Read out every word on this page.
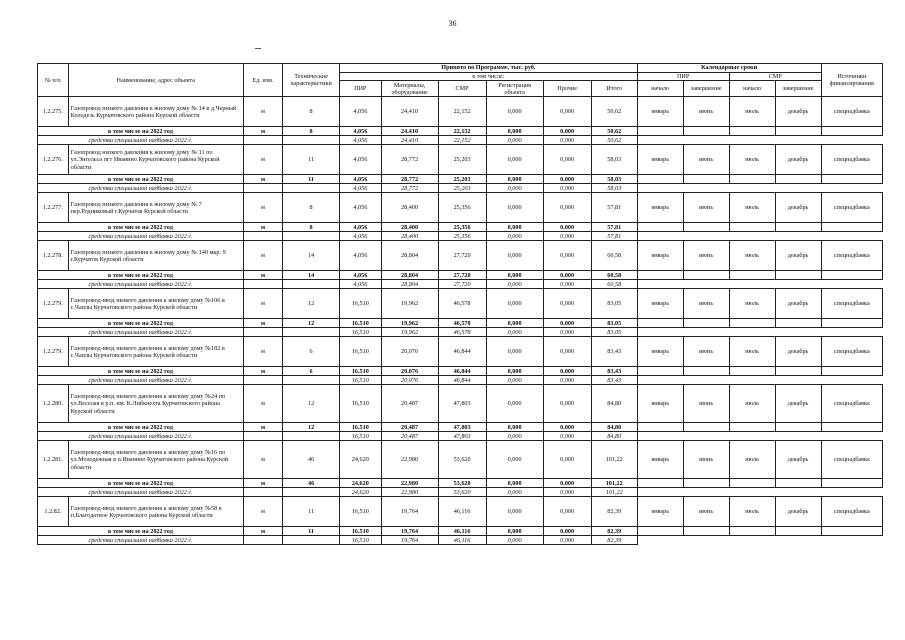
36
№ п/п	Наименование, адрес объекта	Ед. изм.	Технические характеристики	Принято по Программе, тыс. руб.						Календарные сроки				Источники финансирования
				в том числе:						ПИР		СМР		
				ПИР	Материалы, оборудование	СМР	Регистрация объекта	Прочие	Итого	начало	завершение	начало	завершение	
1.2.275.	Газопровод низкого давления к жилому дому № 14 в д.Черный Колодезь Курчатовского района Курской области	м	8	4,056	24,410	22,152	0,000	0,000	50,62	январь	июнь	июль	декабрь	спецнадбавка
в том числе на 2022 год		м	8	4,056	24,410	22,152	0,000	0,000	50,62					
средства специальной надбавки 2022 г.				4,056	24,410	22,152	0,000	0,000	50,62					
1.2.276.	Газопровод низкого давления к жилому дому № 11 по ул.Энгельса пгт Иванино Курчатовского района Курской области	м	11	4,056	28,772	25,203	0,000	0,000	58,03	январь	июнь	июль	декабрь	спецнадбавка
в том числе на 2022 год		м	11	4,056	28,772	25,203	0,000	0,000	58,03					
средства специальной надбавки 2022 г.				4,056	28,772	25,203	0,000	0,000	58,03					
1.2.277.	Газопровод низкого давления к жилому дому № 7 пер.Родниковый г.Курчатов Курской области	м	8	4,056	28,400	25,356	0,000	0,000	57,81	январь	июнь	июль	декабрь	спецнадбавка
в том числе на 2022 год		м	8	4,056	28,400	25,356	0,000	0,000	57,81					
средства специальной надбавки 2022 г.				4,056	28,400	25,356	0,000	0,000	57,81					
1.2.278.	Газопровод низкого давления к жилому дому № 140 мкр. 9 г.Курчатов Курской области	м	14	4,056	28,804	27,720	0,000	0,000	60,58	январь	июнь	июль	декабрь	спецнадбавка
в том числе на 2022 год		м	14	4,056	28,804	27,720	0,000	0,000	60,58					
средства специальной надбавки 2022 г.				4,056	28,804	27,720	0,000	0,000	60,58					
1.2.279.	Газопровод-ввод низкого давления к жилому дому №106 в с.Чаплы Курчатовского района Курской области	м	12	16,510	19,962	46,578	0,000	0,000	83,05	январь	июнь	июль	декабрь	спецнадбавка
в том числе на 2022 год		м	12	16,510	19,962	46,578	0,000	0,000	83,05					
средства специальной надбавки 2022 г.				16,510	19,962	46,578	0,000	0,000	83,05					
1.2.279.	Газопровод-ввод низкого давления к жилому дому №182 в с.Чаплы Курчатовского района Курской области	м	6	16,510	20,076	46,844	0,000	0,000	83,43	январь	июнь	июль	декабрь	спецнадбавка
в том числе на 2022 год		м	6	16,510	20,076	46,844	0,000	0,000	83,43					
средства специальной надбавки 2022 г.				16,510	20,076	46,844	0,000	0,000	83,43					
1.2.280.	Газопровод-ввод низкого давления к жилому дому №24 по ул.Веселая в р.п. им. К.Либкнехта Курчатовского района Курской области	м	12	16,510	20,487	47,803	0,000	0,000	84,80	январь	июнь	июль	декабрь	спецнадбавка
в том числе на 2022 год		м	12	16,510	20,487	47,803	0,000	0,000	84,80					
средства специальной надбавки 2022 г.				16,510	20,487	47,803	0,000	0,000	84,80					
1.2.281.	Газопровод-ввод низкого давления к жилому дому №16 по ул.Молодежная в п.Иванино Курчатовского района Курской области	м	46	24,620	22,980	53,620	0,000	0,000	101,22	январь	июнь	июль	декабрь	спецнадбавка
в том числе на 2022 год		м	46	24,620	22,980	53,620	0,000	0,000	101,22					
средства специальной надбавки 2022 г.				24,620	22,980	53,620	0,000	0,000	101,22					
1.2.82.	Газопровод-ввод низкого давления к жилому дому №58 в п.Благодатное Курчатовского района Курской области	м	11	16,510	19,764	46,116	0,000	0,000	82,39	январь	июнь	июль	декабрь	спецнадбавка
в том числе на 2022 год		м	11	16,510	19,764	46,116	0,000	0,000	82,39					
средства специальной надбавки 2022 г.				16,510	19,764	46,116	0,000	0,000	82,39					
